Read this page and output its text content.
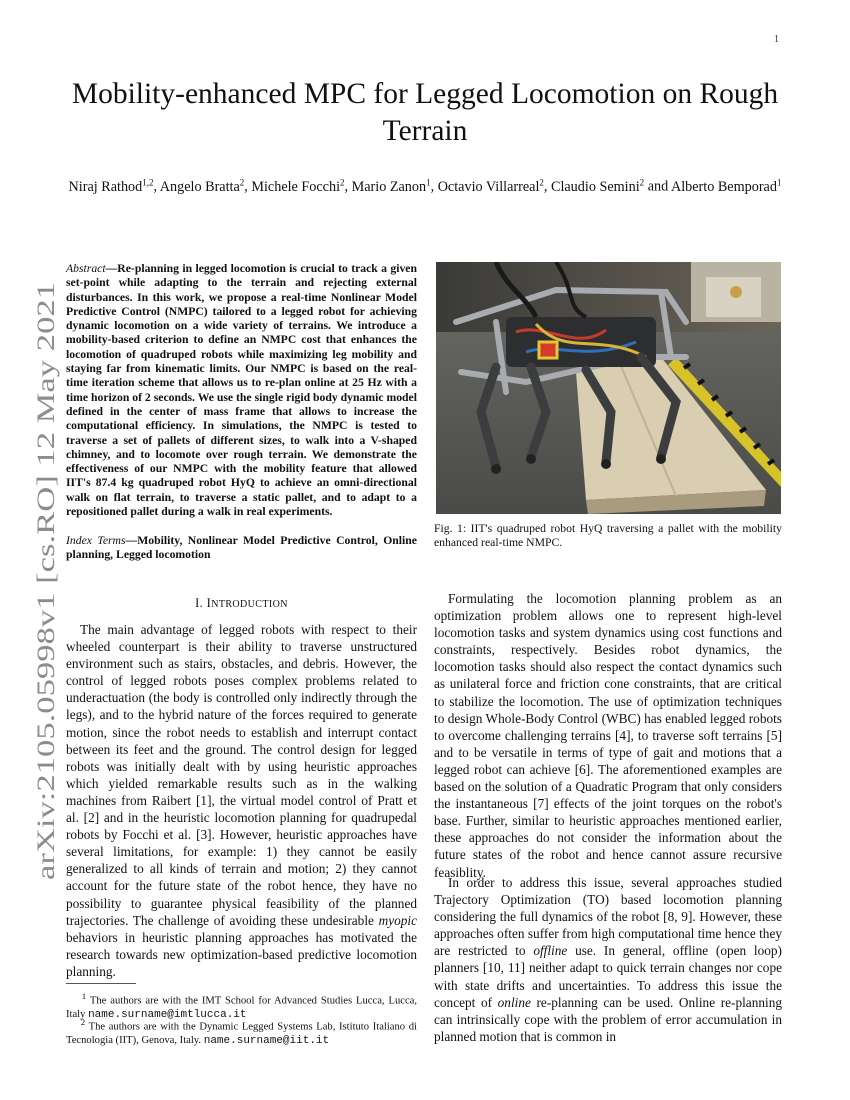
1
arXiv:2105.05998v1 [cs.RO] 12 May 2021
Mobility-enhanced MPC for Legged Locomotion on Rough Terrain
Niraj Rathod$^{1,2}$, Angelo Bratta$^2$, Michele Focchi$^2$, Mario Zanon$^1$, Octavio Villarreal$^2$, Claudio Semini$^2$ and Alberto Bemporad$^1$
Abstract—Re-planning in legged locomotion is crucial to track a given set-point while adapting to the terrain and rejecting external disturbances. In this work, we propose a real-time Nonlinear Model Predictive Control (NMPC) tailored to a legged robot for achieving dynamic locomotion on a wide variety of terrains. We introduce a mobility-based criterion to define an NMPC cost that enhances the locomotion of quadruped robots while maximizing leg mobility and staying far from kinematic limits. Our NMPC is based on the real-time iteration scheme that allows us to re-plan online at 25 Hz with a time horizon of 2 seconds. We use the single rigid body dynamic model defined in the center of mass frame that allows to increase the computational efficiency. In simulations, the NMPC is tested to traverse a set of pallets of different sizes, to walk into a V-shaped chimney, and to locomote over rough terrain. We demonstrate the effectiveness of our NMPC with the mobility feature that allowed IIT's 87.4 kg quadruped robot HyQ to achieve an omni-directional walk on flat terrain, to traverse a static pallet, and to adapt to a repositioned pallet during a walk in real experiments.
Index Terms—Mobility, Nonlinear Model Predictive Control, Online planning, Legged locomotion
I. INTRODUCTION
The main advantage of legged robots with respect to their wheeled counterpart is their ability to traverse unstructured environment such as stairs, obstacles, and debris. However, the control of legged robots poses complex problems related to underactuation (the body is controlled only indirectly through the legs), and to the hybrid nature of the forces required to generate motion, since the robot needs to establish and interrupt contact between its feet and the ground. The control design for legged robots was initially dealt with by using heuristic approaches which yielded remarkable results such as in the walking machines from Raibert [1], the virtual model control of Pratt et al. [2] and in the heuristic locomotion planning for quadrupedal robots by Focchi et al. [3]. However, heuristic approaches have several limitations, for example: 1) they cannot be easily generalized to all kinds of terrain and motion; 2) they cannot account for the future state of the robot hence, they have no possibility to guarantee physical feasibility of the planned trajectories. The challenge of avoiding these undesirable myopic behaviors in heuristic planning approaches has motivated the research towards new optimization-based predictive locomotion planning.
$^1$ The authors are with the IMT School for Advanced Studies Lucca, Lucca, Italy name.surname@imtlucca.it
$^2$ The authors are with the Dynamic Legged Systems Lab, Istituto Italiano di Tecnologia (IIT), Genova, Italy. name.surname@iit.it
Fig. 1: IIT's quadruped robot HyQ traversing a pallet with the mobility enhanced real-time NMPC.
Formulating the locomotion planning problem as an optimization problem allows one to represent high-level locomotion tasks and system dynamics using cost functions and constraints, respectively. Besides robot dynamics, the locomotion tasks should also respect the contact dynamics such as unilateral force and friction cone constraints, that are critical to stabilize the locomotion. The use of optimization techniques to design Whole-Body Control (WBC) has enabled legged robots to overcome challenging terrains [4], to traverse soft terrains [5] and to be versatile in terms of type of gait and motions that a legged robot can achieve [6]. The aforementioned examples are based on the solution of a Quadratic Program that only considers the instantaneous [7] effects of the joint torques on the robot's base. Further, similar to heuristic approaches mentioned earlier, these approaches do not consider the information about the future states of the robot and hence cannot assure recursive feasiblity.
In order to address this issue, several approaches studied Trajectory Optimization (TO) based locomotion planning considering the full dynamics of the robot [8, 9]. However, these approaches often suffer from high computational time hence they are restricted to offline use. In general, offline (open loop) planners [10, 11] neither adapt to quick terrain changes nor cope with state drifts and uncertainties. To address this issue the concept of online re-planning can be used. Online re-planning can intrinsically cope with the problem of error accumulation in planned motion that is common in
